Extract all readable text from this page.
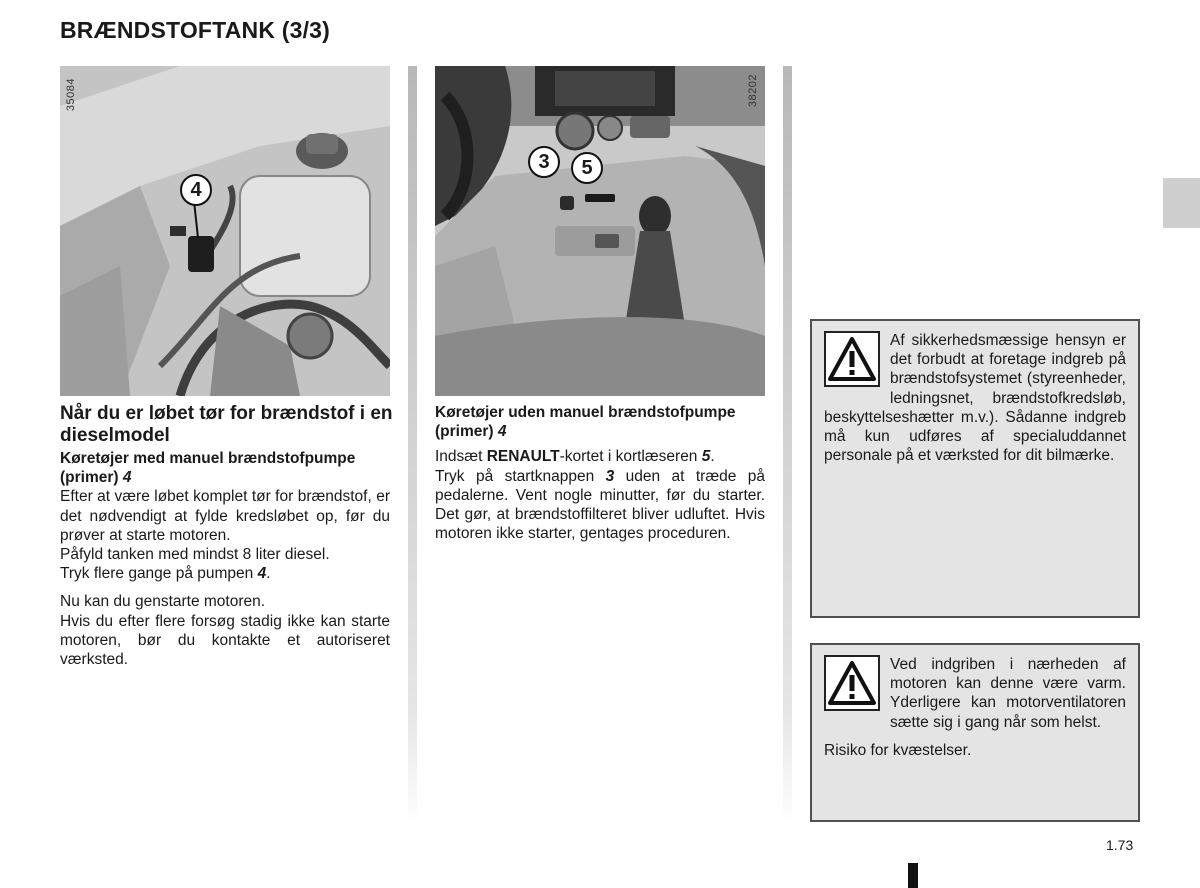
BRÆNDSTOFTANK (3/3)
35084
4
Når du er løbet tør for brændstof i en dieselmodel
Køretøjer med manuel brændstofpumpe (primer) 4
Efter at være løbet komplet tør for brændstof, er det nødvendigt at fylde kredsløbet op, før du prøver at starte motoren.
Påfyld tanken med mindst 8 liter diesel.
Tryk flere gange på pumpen 4.
Nu kan du genstarte motoren.
Hvis du efter flere forsøg stadig ikke kan starte motoren, bør du kontakte et autoriseret værksted.
38202
3	5
Køretøjer uden manuel brændstofpumpe (primer) 4
Indsæt RENAULT-kortet i kortlæseren 5.
Tryk på startknappen 3 uden at træde på pedalerne. Vent nogle minutter, før du starter. Det gør, at brændstoffilteret bliver udluftet. Hvis motoren ikke starter, gentages proceduren.

Af sikkerhedsmæssige hensyn er det forbudt at foretage indgreb på brændstofsystemet (styreenheder, ledningsnet, brændstofkredsløb, beskyttelseshætter m.v.). Sådanne indgreb må kun udføres af specialuddannet personale på et værksted for dit bilmærke.

Ved indgriben i nærheden af motoren kan denne være varm. Yderligere kan motorventilatoren sætte sig i gang når som helst.

Risiko for kvæstelser.

1.73
